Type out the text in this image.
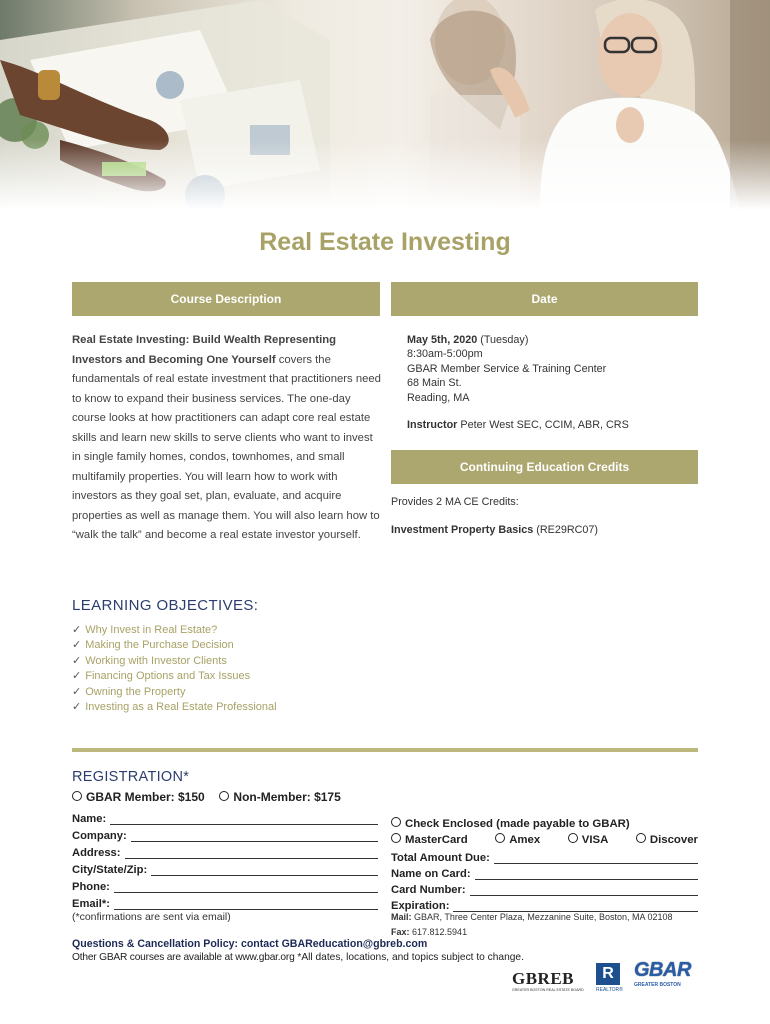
Real Estate Investing
Course Description	Date
Real Estate Investing: Build Wealth Representing Investors and Becoming One Yourself covers the fundamentals of real estate investment that practitioners need to know to expand their business services. The one-day course looks at how practitioners can adapt core real estate skills and learn new skills to serve clients who want to invest in single family homes, condos, townhomes, and small multifamily properties. You will learn how to work with investors as they goal set, plan, evaluate, and acquire properties as well as manage them. You will also learn how to “walk the talk” and become a real estate investor yourself.
May 5th, 2020 (Tuesday)
8:30am-5:00pm
GBAR Member Service & Training Center
68 Main St.
Reading, MA
Instructor Peter West SEC, CCIM, ABR, CRS
Continuing Education Credits
Provides 2 MA CE Credits:
Investment Property Basics (RE29RC07)
LEARNING OBJECTIVES:
✓ Why Invest in Real Estate?
✓ Making the Purchase Decision
✓ Working with Investor Clients
✓ Financing Options and Tax Issues
✓ Owning the Property
✓ Investing as a Real Estate Professional
REGISTRATION*
GBAR Member: $150 Non-Member: $175
Name:
Company:
Address:
City/State/Zip:
Phone:
Email*:
(*confirmations are sent via email)
Check Enclosed (made payable to GBAR)
MasterCard	Amex	VISA	Discover
Total Amount Due:
Name on Card:
Card Number:
Expiration:
Mail: GBAR, Three Center Plaza, Mezzanine Suite, Boston, MA 02108
Fax: 617.812.5941
Questions & Cancellation Policy: contact GBAReducation@gbreb.com
Other GBAR courses are available at www.gbar.org *All dates, locations, and topics subject to change.
GBREB
GREATER BOSTON REAL ESTATE BOARD
R
REALTOR®
GBAR
GREATER BOSTON
